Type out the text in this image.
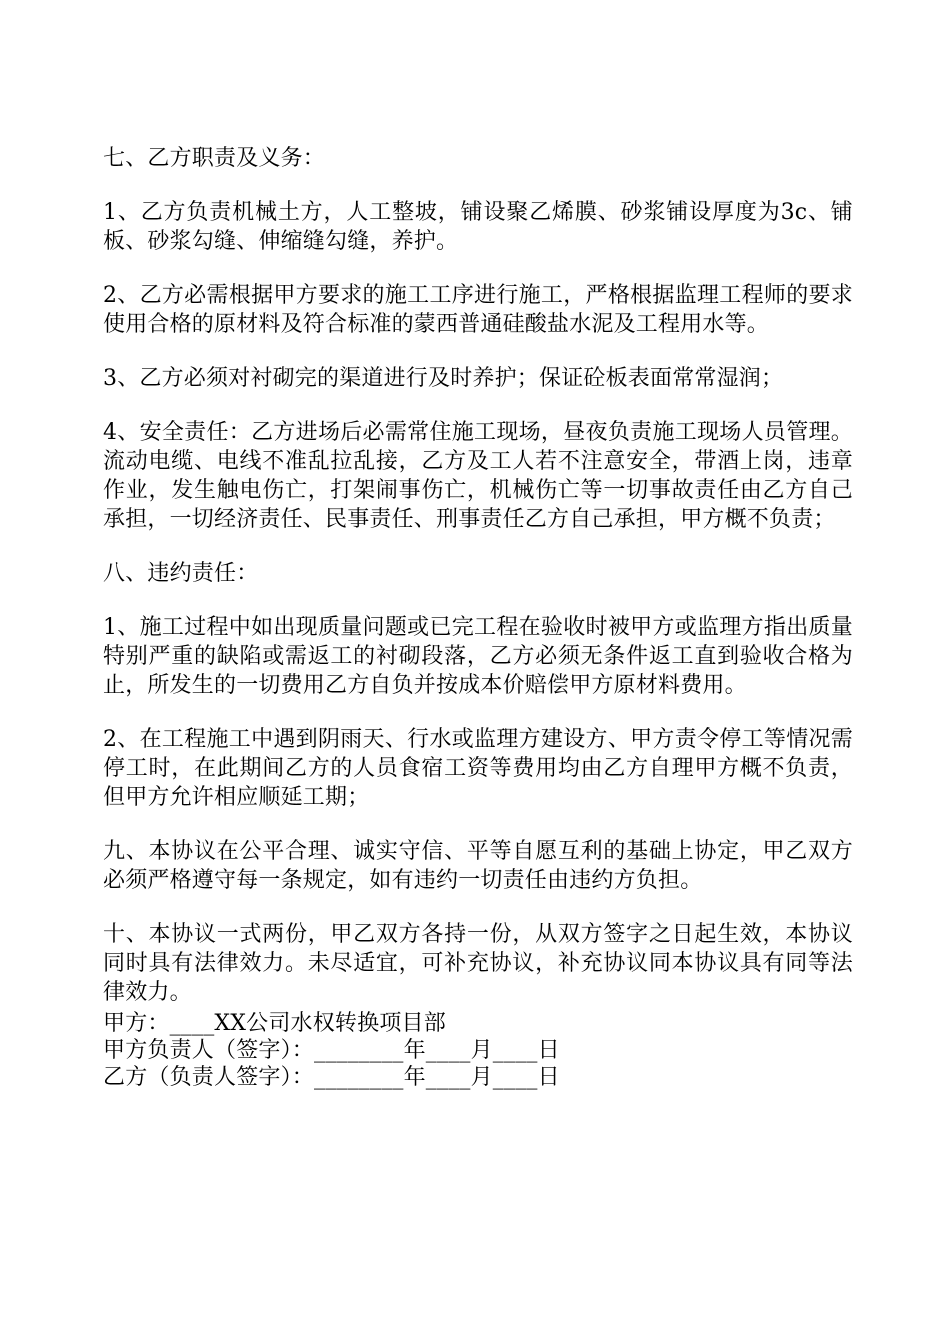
七、乙方职责及义务：

1、乙方负责机械土方，人工整坡，铺设聚乙烯膜、砂浆铺设厚度为3c、铺板、砂浆勾缝、伸缩缝勾缝，养护。

2、乙方必需根据甲方要求的施工工序进行施工，严格根据监理工程师的要求使用合格的原材料及符合标准的蒙西普通硅酸盐水泥及工程用水等。

3、乙方必须对衬砌完的渠道进行及时养护；保证砼板表面常常湿润；

4、安全责任：乙方进场后必需常住施工现场，昼夜负责施工现场人员管理。流动电缆、电线不准乱拉乱接，乙方及工人若不注意安全，带酒上岗，违章作业，发生触电伤亡，打架闹事伤亡，机械伤亡等一切事故责任由乙方自己承担，一切经济责任、民事责任、刑事责任乙方自己承担，甲方概不负责；

八、违约责任：

1、施工过程中如出现质量问题或已完工程在验收时被甲方或监理方指出质量特别严重的缺陷或需返工的衬砌段落，乙方必须无条件返工直到验收合格为止，所发生的一切费用乙方自负并按成本价赔偿甲方原材料费用。

2、在工程施工中遇到阴雨天、行水或监理方建设方、甲方责令停工等情况需停工时，在此期间乙方的人员食宿工资等费用均由乙方自理甲方概不负责，但甲方允许相应顺延工期；

九、本协议在公平合理、诚实守信、平等自愿互利的基础上协定，甲乙双方必须严格遵守每一条规定，如有违约一切责任由违约方负担。

十、本协议一式两份，甲乙双方各持一份，从双方签字之日起生效，本协议同时具有法律效力。未尽适宜，可补充协议，补充协议同本协议具有同等法律效力。

甲方：____XX公司水权转换项目部

甲方负责人（签字）：________年____月____日

乙方（负责人签字）：________年____月____日
